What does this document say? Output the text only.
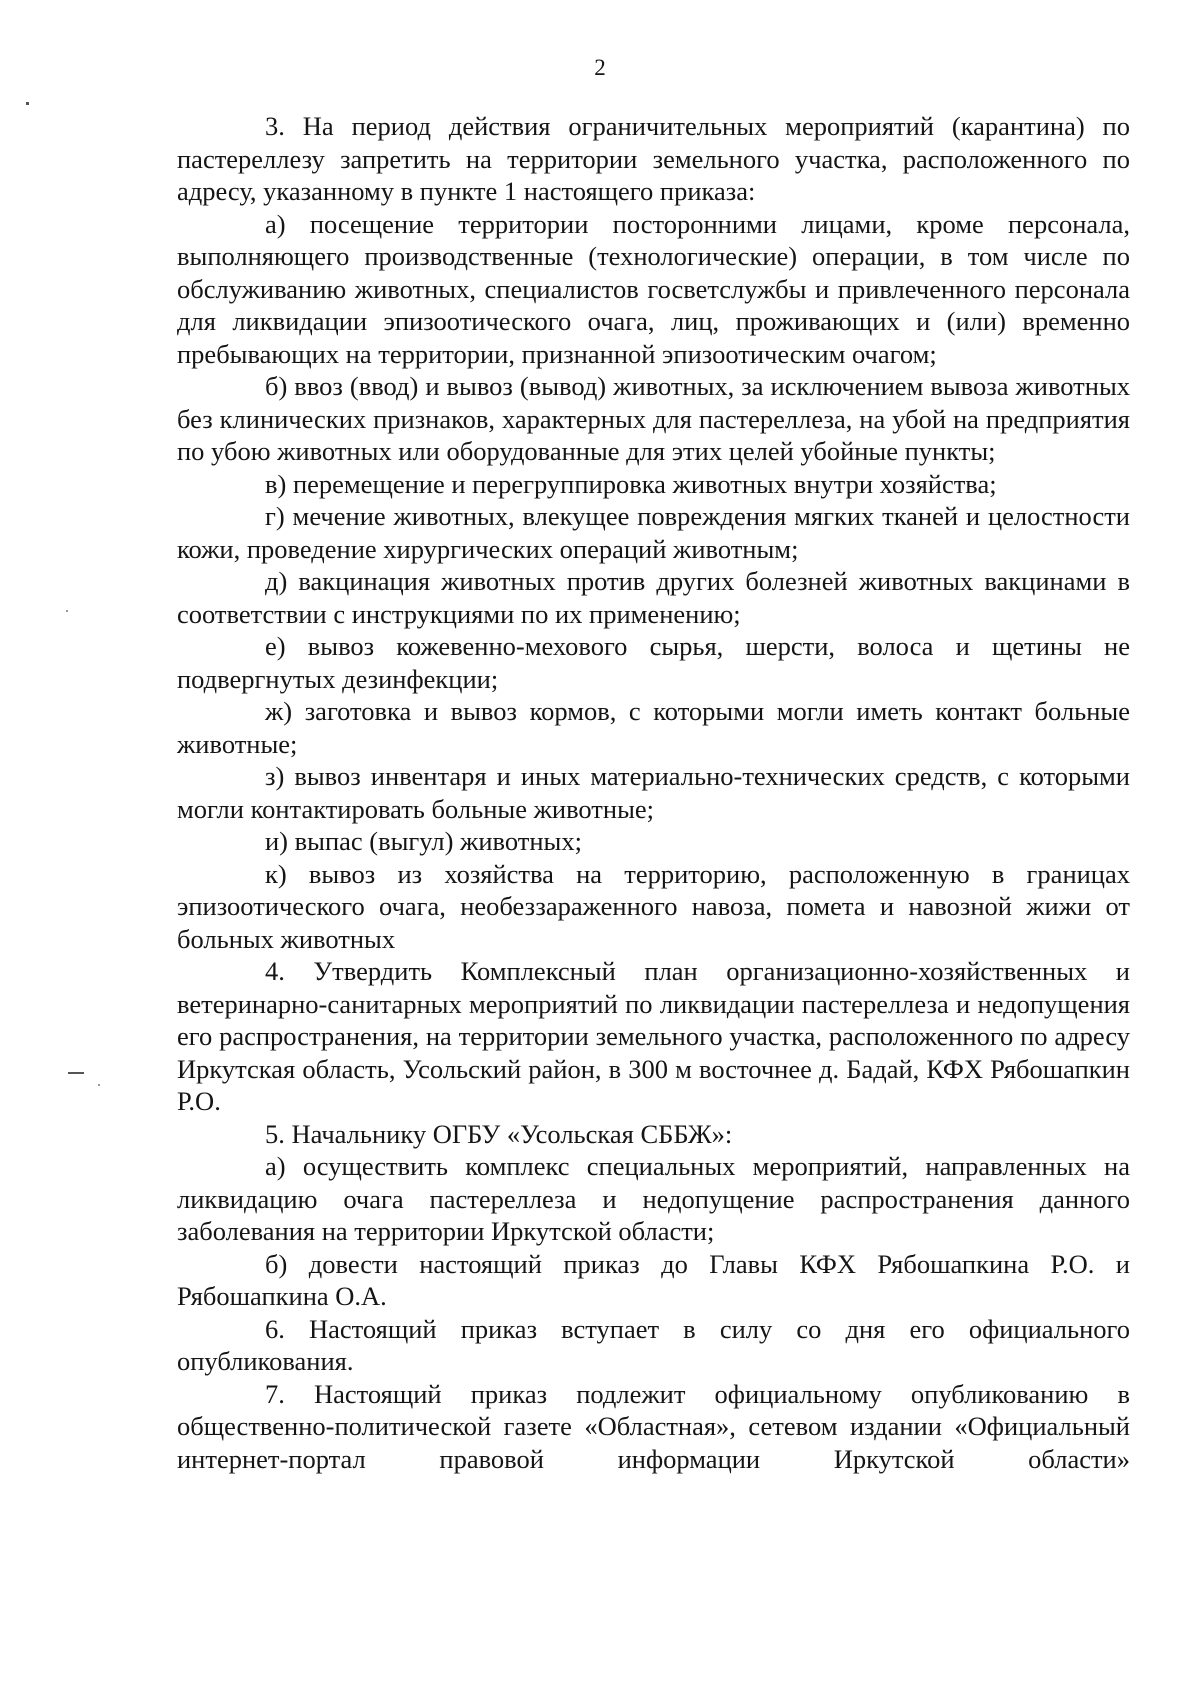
2

3. На период действия ограничительных мероприятий (карантина) по пастереллезу запретить на территории земельного участка, расположенного по адресу, указанному в пункте 1 настоящего приказа:

а) посещение территории посторонними лицами, кроме персонала, выполняющего производственные (технологические) операции, в том числе по обслуживанию животных, специалистов госветслужбы и привлеченного персонала для ликвидации эпизоотического очага, лиц, проживающих и (или) временно пребывающих на территории, признанной эпизоотическим очагом;

б) ввоз (ввод) и вывоз (вывод) животных, за исключением вывоза животных без клинических признаков, характерных для пастереллеза, на убой на предприятия по убою животных или оборудованные для этих целей убойные пункты;

в) перемещение и перегруппировка животных внутри хозяйства;

г) мечение животных, влекущее повреждения мягких тканей и целостности кожи, проведение хирургических операций животным;

д) вакцинация животных против других болезней животных вакцинами в соответствии с инструкциями по их применению;

е) вывоз кожевенно-мехового сырья, шерсти, волоса и щетины не подвергнутых дезинфекции;

ж) заготовка и вывоз кормов, с которыми могли иметь контакт больные животные;

з) вывоз инвентаря и иных материально-технических средств, с которыми могли контактировать больные животные;

и) выпас (выгул) животных;

к) вывоз из хозяйства на территорию, расположенную в границах эпизоотического очага, необеззараженного навоза, помета и навозной жижи от больных животных

4. Утвердить Комплексный план организационно-хозяйственных и ветеринарно-санитарных мероприятий по ликвидации пастереллеза и недопущения его распространения, на территории земельного участка, расположенного по адресу Иркутская область, Усольский район, в 300 м восточнее д. Бадай, КФХ Рябошапкин Р.О.

5. Начальнику ОГБУ «Усольская СББЖ»:

а) осуществить комплекс специальных мероприятий, направленных на ликвидацию очага пастереллеза и недопущение распространения данного заболевания на территории Иркутской области;

б) довести настоящий приказ до Главы КФХ Рябошапкина Р.О. и Рябошапкина О.А.

6. Настоящий приказ вступает в силу со дня его официального опубликования.

7. Настоящий приказ подлежит официальному опубликованию в общественно-политической газете «Областная», сетевом издании «Официальный интернет-портал правовой информации Иркутской области»
